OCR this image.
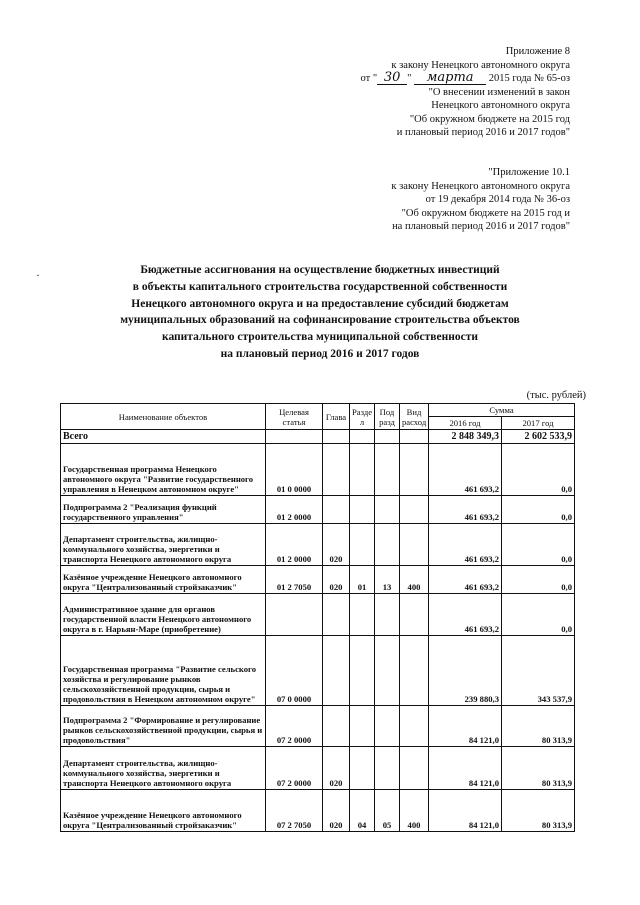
Приложение 8
к закону Ненецкого автономного округа
от " 30 " марта 2015 года № 65-оз
"О внесении изменений в закон
Ненецкого автономного округа
"Об окружном бюджете на 2015 год
и плановый период 2016 и 2017 годов"
"Приложение 10.1
к закону Ненецкого автономного округа
от 19 декабря 2014 года № 36-оз
"Об окружном бюджете на 2015 год и
на плановый период 2016 и 2017 годов"
·	Бюджетные ассигнования на осуществление бюджетных инвестиций
в объекты капитального строительства государственной собственности
Ненецкого автономного округа и на предоставление субсидий бюджетам
муниципальных образований на софинансирование строительства объектов
капитального строительства муниципальной собственности
на плановый период 2016 и 2017 годов
(тыс. рублей)
Наименование объектов	Целевая статья	Глава	Разде л	Под разд	Вид расход	Сумма	
						2016 год	2017 год
Всего						2 848 349,3	2 602 533,9
Государственная программа Ненецкого автономного округа "Развитие государственного управления в Ненецком автономном округе"	01 0 0000					461 693,2	0,0
Подпрограмма 2 "Реализация функций государственного управления"	01 2 0000					461 693,2	0,0
Департамент строительства, жилищно-коммунального хозяйства, энергетики и транспорта Ненецкого автономного округа	01 2 0000	020				461 693,2	0,0
Казённое учреждение Ненецкого автономного округа "Централизованный стройзаказчик"	01 2 7050	020	01	13	400	461 693,2	0,0
Административное здание для органов государственной власти Ненецкого автономного округа в г. Нарьян-Маре (приобретение)						461 693,2	0,0
Государственная программа "Развитие сельского хозяйства и регулирование рынков сельскохозяйственной продукции, сырья и продовольствия в Ненецком автономном округе"	07 0 0000					239 880,3	343 537,9
Подпрограмма 2 "Формирование и регулирование рынков сельскохозяйственной продукции, сырья и продовольствия"	07 2 0000					84 121,0	80 313,9
Департамент строительства, жилищно-коммунального хозяйства, энергетики и транспорта Ненецкого автономного округа	07 2 0000	020				84 121,0	80 313,9
Казённое учреждение Ненецкого автономного округа "Централизованный стройзаказчик"	07 2 7050	020	04	05	400	84 121,0	80 313,9
